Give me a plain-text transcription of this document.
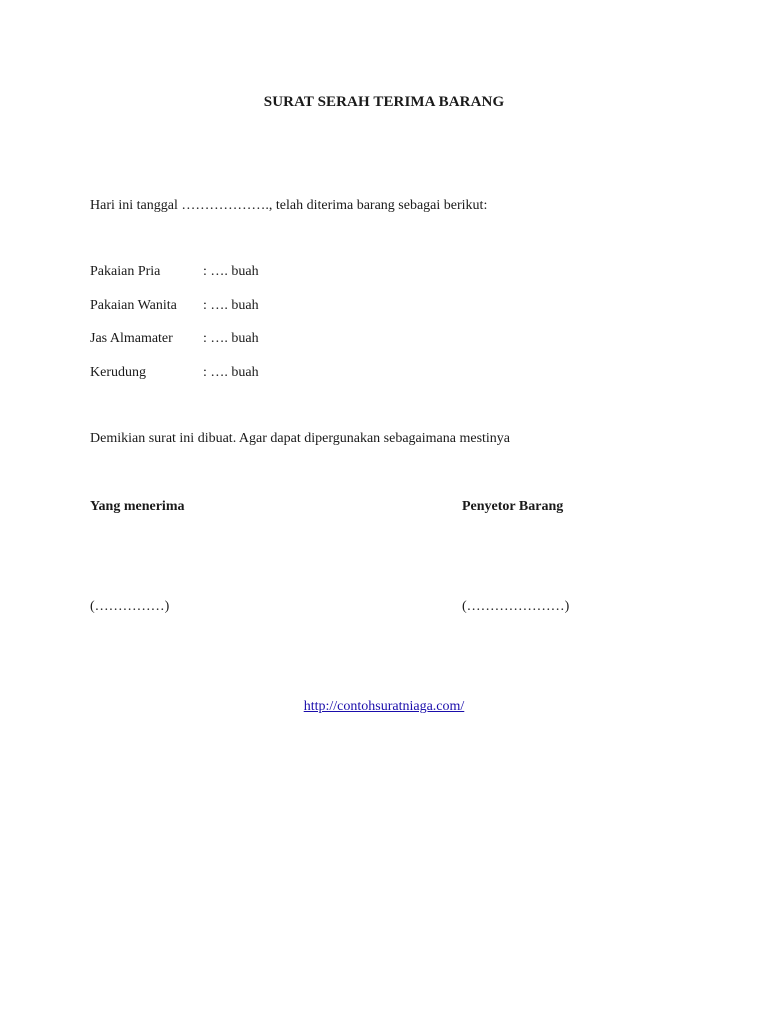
SURAT SERAH TERIMA BARANG

Hari ini tanggal ………………., telah diterima barang sebagai berikut:

Pakaian Pria	: …. buah
Pakaian Wanita : …. buah
Jas Almamater : …. buah
Kerudung	: …. buah

Demikian surat ini dibuat. Agar dapat dipergunakan sebagaimana mestinya

Yang menerima	Penyetor Barang

(……………)	(…………………)

http://contohsuratniaga.com/
